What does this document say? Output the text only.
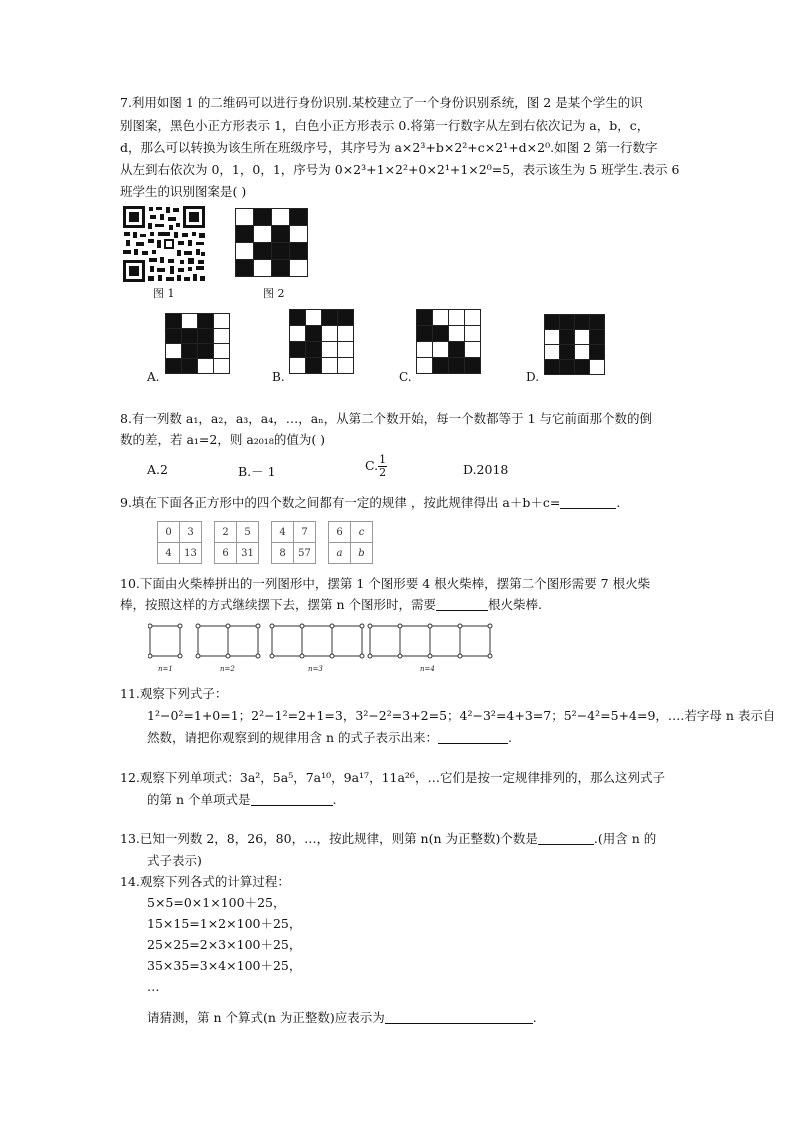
7.利用如图 1 的二维码可以进行身份识别.某校建立了一个身份识别系统，图 2 是某个学生的识
别图案，黑色小正方形表示 1，白色小正方形表示 0.将第一行数字从左到右依次记为 a，b，c，
d，那么可以转换为该生所在班级序号，其序号为 a×2³+b×2²+c×2¹+d×2⁰.如图 2 第一行数字
从左到右依次为 0，1，0，1，序号为 0×2³+1×2²+0×2¹+1×2⁰=5，表示该生为 5 班学生.表示 6
班学生的识别图案是( )
图 1

				图 2
A.

				B.

				C.

				D.

8.有一列数 a₁，a₂，a₃，a₄，…，aₙ，从第二个数开始，每一个数都等于 1 与它前面那个数的倒
数的差，若 a₁=2，则 a₂₀₁₈的值为( )
A.2	B.－ 1	C. $\frac{1}{2}$	D.2018
9.填在下面各正方形中的四个数之间都有一定的规律 ，按此规律得出 a＋b＋c=	.
0	3
4	13
2	5
6	31
4	7
8	57
6	c
a	b
10.下面由火柴棒拼出的一列图形中，摆第 1 个图形要 4 根火柴棒，摆第二个图形需要 7 根火柴
棒，按照这样的方式继续摆下去，摆第 n 个图形时，需要	根火柴棒.
n=1	n=2	n=3	n=4
11.观察下列式子：
1²−0²=1+0=1；2²−1²=2+1=3，3²−2²=3+2=5；4²−3²=4+3=7；5²−4²=5+4=9，….若字母 n 表示自
然数，请把你观察到的规律用含 n 的式子表示出来：	.
12.观察下列单项式：3a²，5a⁵，7a¹⁰，9a¹⁷，11a²⁶，…它们是按一定规律排列的，那么这列式子
的第 n 个单项式是	.
13.已知一列数 2，8，26，80，…，按此规律，则第 n(n 为正整数)个数是	.(用含 n 的
式子表示)
14.观察下列各式的计算过程：
5×5=0×1×100＋25，
15×15=1×2×100＋25，
25×25=2×3×100＋25，
35×35=3×4×100＋25，
…
请猜测，第 n 个算式(n 为正整数)应表示为	.
